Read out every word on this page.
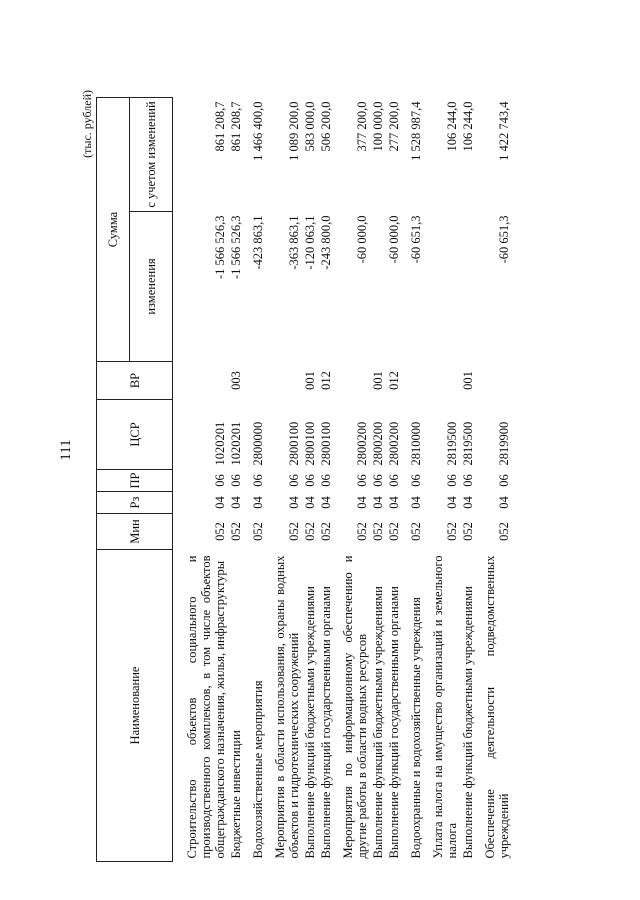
111
(тыс. рублей)
Наименование	Мин	Рз	ПР	ЦСР	ВР	Сумма	
						изменения	с учетом изменений
Строительство объектов социального и производственного комплексов, в том числе объектов общегражданского назначения, жилья, инфраструктуры	052	04	06	1020201		-1 566 526,3	861 208,7
Бюджетные инвестиции	052	04	06	1020201	003	-1 566 526,3	861 208,7
Водохозяйственные мероприятия	052	04	06	2800000		-423 863,1	1 466 400,0
Мероприятия в области использования, охраны водных объектов и гидротехнических сооружений	052	04	06	2800100		-363 863,1	1 089 200,0
Выполнение функций бюджетными учреждениями	052	04	06	2800100	001	-120 063,1	583 000,0
Выполнение функций государственными органами	052	04	06	2800100	012	-243 800,0	506 200,0
Мероприятия по информационному обеспечению и другие работы в области водных ресурсов	052	04	06	2800200		-60 000,0	377 200,0
Выполнение функций бюджетными учреждениями	052	04	06	2800200	001		100 000,0
Выполнение функций государственными органами	052	04	06	2800200	012	-60 000,0	277 200,0
Водоохранные и водохозяйственные учреждения	052	04	06	2810000		-60 651,3	1 528 987,4
Уплата налога на имущество организаций и земельного налога	052	04	06	2819500			106 244,0
Выполнение функций бюджетными учреждениями	052	04	06	2819500	001		106 244,0
Обеспечение деятельности подведомственных учреждений	052	04	06	2819900		-60 651,3	1 422 743,4
